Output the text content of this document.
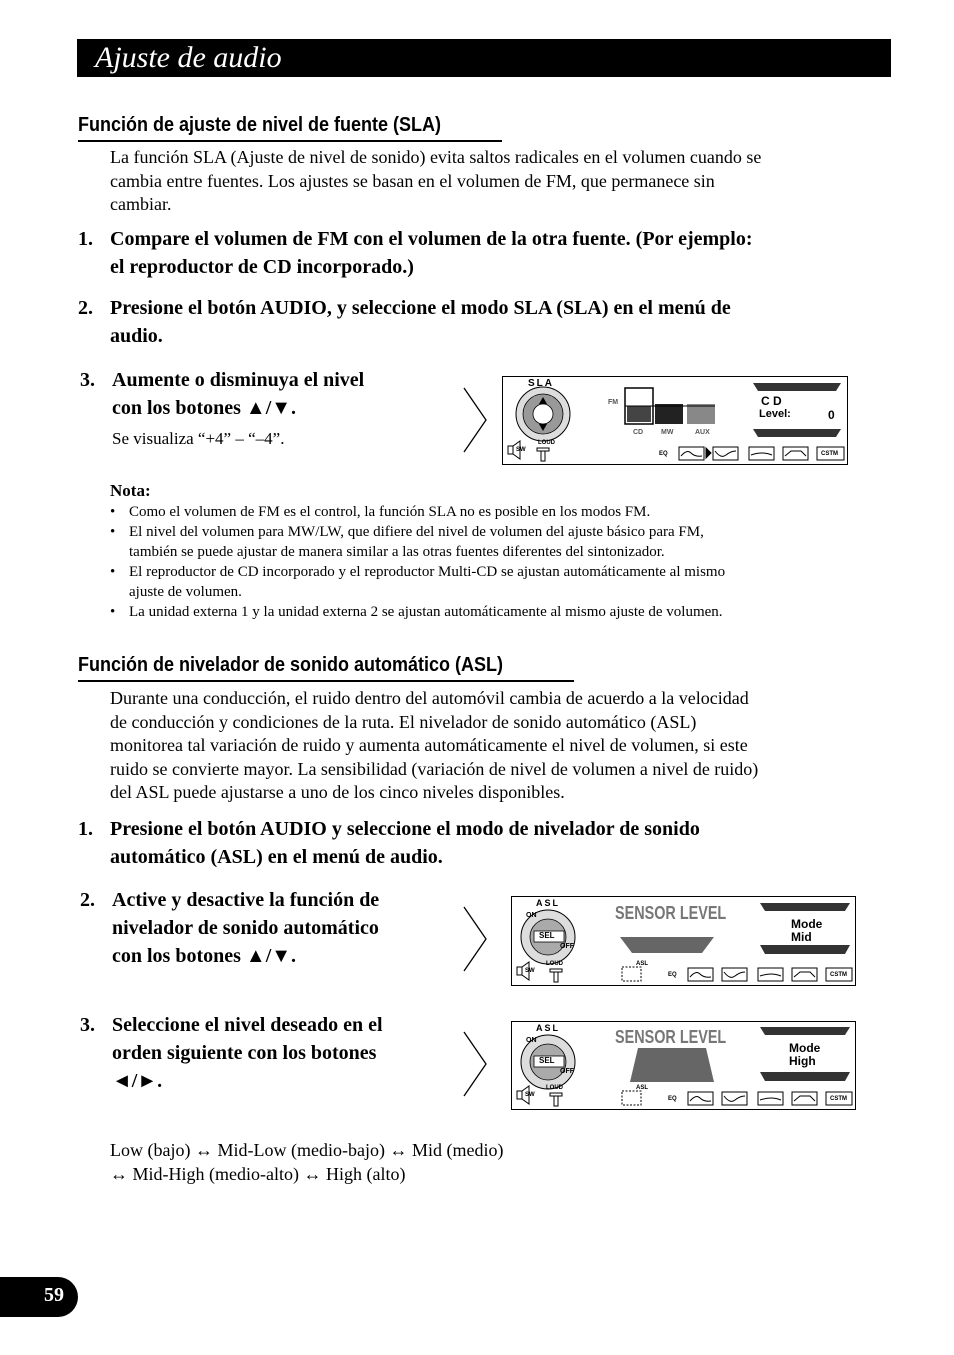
Ajuste de audio
Función de ajuste de nivel de fuente (SLA)
La función SLA (Ajuste de nivel de sonido) evita saltos radicales en el volumen cuando se
cambia entre fuentes. Los ajustes se basan en el volumen de FM, que permanece sin
cambiar.
1. Compare el volumen de FM con el volumen de la otra fuente. (Por ejemplo:
el reproductor de CD incorporado.)
2. Presione el botón AUDIO, y seleccione el modo SLA (SLA) en el menú de
audio.
3. Aumente o disminuya el nivel
con los botones ▲/▼.
Se visualiza “+4” – “–4”.
SLA
FM
CD	MW	AUX
C D
Level:	0
LOUD
SW
EQ	CSTM
Nota:
• Como el volumen de FM es el control, la función SLA no es posible en los modos FM.
• El nivel del volumen para MW/LW, que difiere del nivel de volumen del ajuste básico para FM,
también se puede ajustar de manera similar a las otras fuentes diferentes del sintonizador.
• El reproductor de CD incorporado y el reproductor Multi-CD se ajustan automáticamente al mismo
ajuste de volumen.
• La unidad externa 1 y la unidad externa 2 se ajustan automáticamente al mismo ajuste de volumen.
Función de nivelador de sonido automático (ASL)
Durante una conducción, el ruido dentro del automóvil cambia de acuerdo a la velocidad
de conducción y condiciones de la ruta. El nivelador de sonido automático (ASL)
monitorea tal variación de ruido y aumenta automáticamente el nivel de volumen, si este
ruido se convierte mayor. La sensibilidad (variación de nivel de volumen a nivel de ruido)
del ASL puede ajustarse a uno de los cinco niveles disponibles.
1. Presione el botón AUDIO y seleccione el modo de nivelador de sonido
automático (ASL) en el menú de audio.
2. Active y desactive la función de
nivelador de sonido automático
con los botones ▲/▼.
3. Seleccione el nivel deseado en el
orden siguiente con los botones
◄/►.
ASL
ON
SEL
OFF
SENSOR LEVEL
Mode
Mid
ASL
LOUD
SW
EQ	CSTM
ASL
ON
SEL
OFF
SENSOR LEVEL
Mode
High
ASL
LOUD
SW
EQ	CSTM
Low (bajo) ↔ Mid-Low (medio-bajo) ↔ Mid (medio)
↔ Mid-High (medio-alto) ↔ High (alto)
59
